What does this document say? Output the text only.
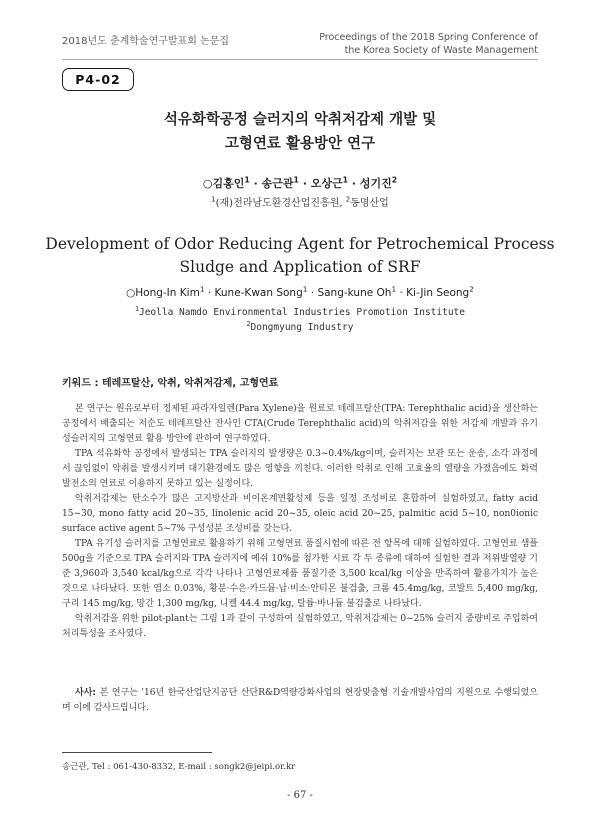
2018년도 춘계학술연구발표회 논문집	Proceedings of the 2018 Spring Conference of
the Korea Society of Waste Management
P4-02
석유화학공정 슬러지의 악취저감제 개발 및
고형연료 활용방안 연구
○김홍인$^1$ · 송근관$^1$ · 오상근$^1$ · 성기진$^2$
$^1$(재)전라남도환경산업진흥원, $^2$동명산업
Development of Odor Reducing Agent for Petrochemical Process
Sludge and Application of SRF
○Hong-In Kim$^1$ · Kune-Kwan Song$^1$ · Sang-kune $Oh^1 \cdot Ki-Jin$ Seong$^2$
$^1$Jeolla Namdo Environmental Industries Promotion Institute
$^2$Dongmyung Industry
키워드 : 테레프탈산, 악취, 악취저감제, 고형연료

본 연구는 원유로부터 정제된 파라자일렌(Para Xylene)을 원료로 테레프탈산(TPA: Terephthalic acid)을 생산하는 공정에서 배출되는 저순도 테레프탈산 잔사인 CTA(Crude Terephthalic acid)의 악취저감을 위한 저감제 개발과 유기성슬러지의 고형연료 활용 방안에 관하여 연구하였다.

TPA 석유화학 공정에서 발생되는 TPA 슬러지의 발생량은 0.3~0.4%/kg이며, 슬러지는 보관 또는 운송, 소각 과정에서 끊임없이 악취를 발생시키며 대기환경에도 많은 영향을 끼친다. 이러한 악취로 인해 고효율의 열량을 가졌음에도 화력발전소의 연료로 이용하지 못하고 있는 실정이다.

악취저감제는 탄소수가 많은 고지방산과 비이온계면활성제 등을 일정 조성비로 혼합하여 실험하였고, fatty acid 15~30, mono fatty acid 20~35, linolenic acid 20~35, oleic acid 20~25, palmitic acid 5~10, non0ionic surface active agent 5~7% 구성성분 조성비를 갖는다.

TPA 유기성 슬러지를 고형연료로 활용하기 위해 고형연료 품질시험에 따른 전 항목에 대해 실험하였다. 고형연료 샘플 500g을 기준으로 TPA 슬러지와 TPA 슬러지에 예쉬 10%를 첨가한 시료 각 두 종류에 대하여 실험한 결과 저위발열량 기준 3,960과 3,540 kcal/kg으로 각각 나타나 고형연료제품 품질기준 3,500 kcal/kg 이상을 만족하여 활용가치가 높은 것으로 나타났다. 또한 염소 0.03%, 황분·수은·카드뮴·납·비소·안티몬 불검출, 크롬 45.4mg/kg, 코발트 5,400 mg/kg, 구리 145 mg/kg, 망간 1,300 mg/kg, 니켈 44.4 mg/kg, 탈륨·바나듐 불검출로 나타났다.

악취저감을 위한 pilot-plant는 그림 1과 같이 구성하여 실험하였고, 악취저감제는 0~25% 슬러지 중량비로 주입하여 처리특성을 조사였다.

사사: 본 연구는 '16년 한국산업단지공단 산단R&D역량강화사업의 현장맞춤형 기술개발사업의 지원으로 수행되었으며 이에 감사드립니다.
송근관, Tel : 061-430-8332, E-mail : songk2@jeipi.or.kr
- 67 -
